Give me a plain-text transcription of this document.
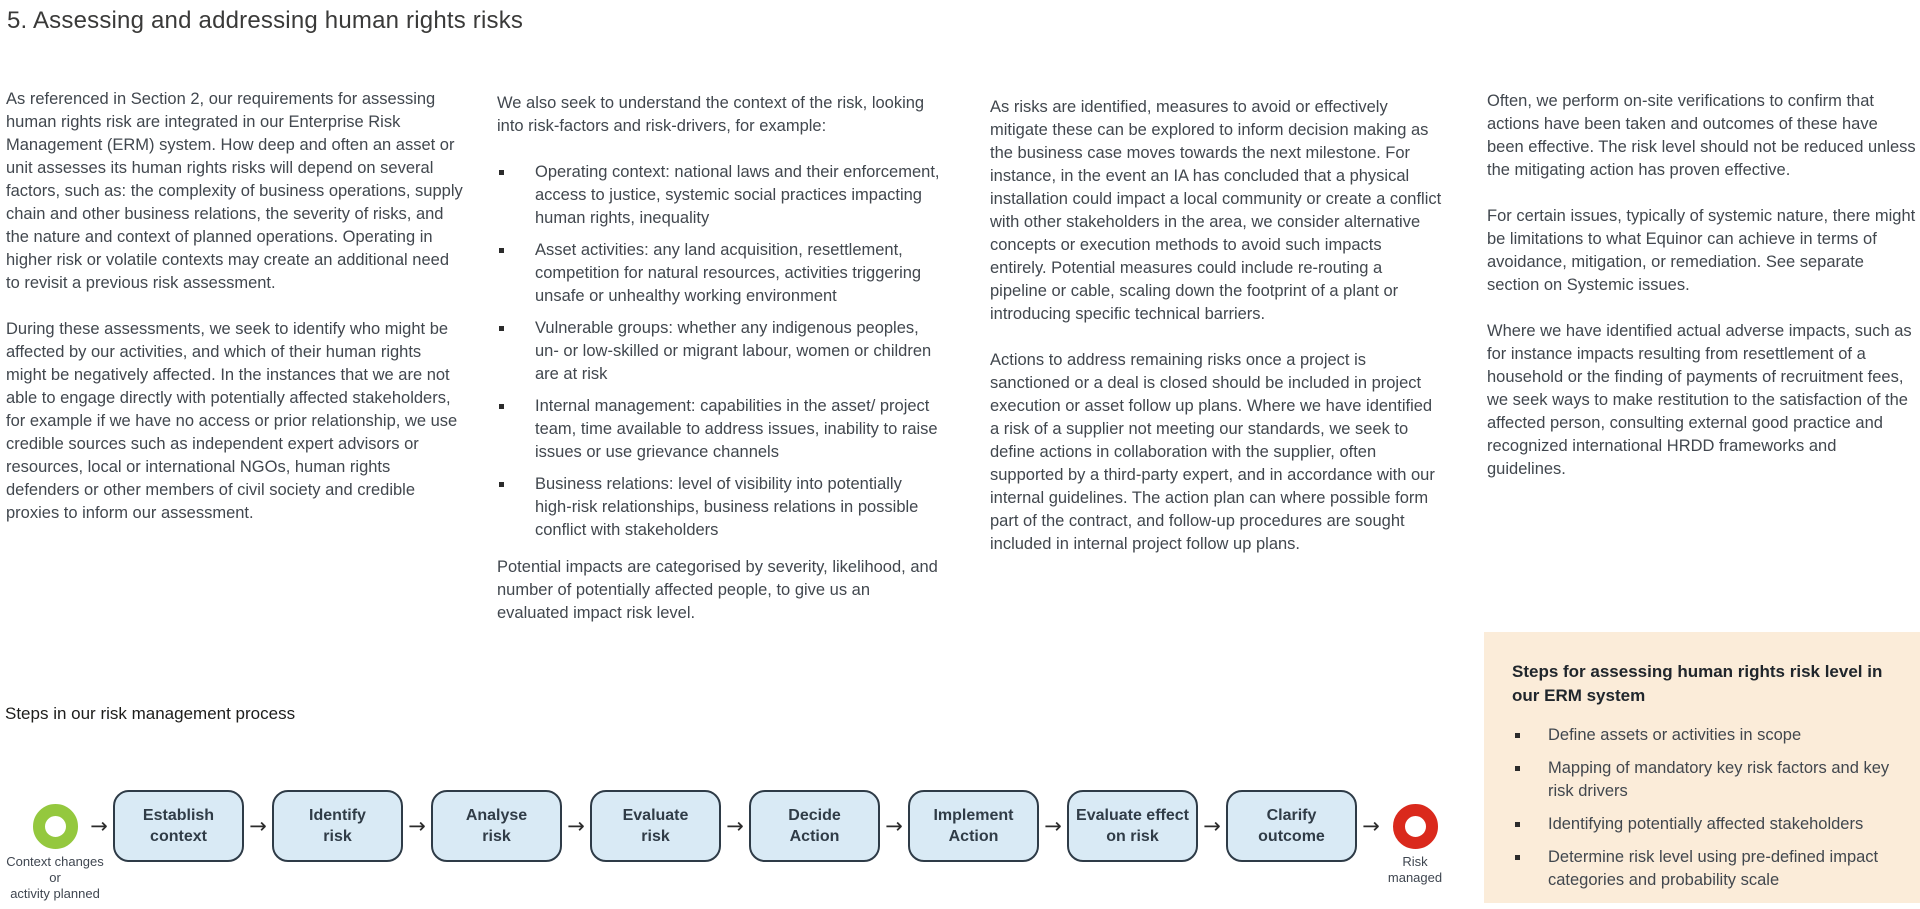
5. Assessing and addressing human rights risks

As referenced in Section 2, our requirements for assessing human rights risk are integrated in our Enterprise Risk Management (ERM) system. How deep and often an asset or unit assesses its human rights risks will depend on several factors, such as: the complexity of business operations, supply chain and other business relations, the severity of risks, and the nature and context of planned operations. Operating in higher risk or volatile contexts may create an additional need to revisit a previous risk assessment.

During these assessments, we seek to identify who might be affected by our activities, and which of their human rights might be negatively affected. In the instances that we are not able to engage directly with potentially affected stakeholders, for example if we have no access or prior relationship, we use credible sources such as independent expert advisors or resources, local or international NGOs, human rights defenders or other members of civil society and credible proxies to inform our assessment.

We also seek to understand the context of the risk, looking into risk-factors and risk-drivers, for example:

Operating context: national laws and their enforcement, access to justice, systemic social practices impacting human rights, inequality
Asset activities: any land acquisition, resettlement, competition for natural resources, activities triggering unsafe or unhealthy working environment
Vulnerable groups: whether any indigenous peoples, un- or low-skilled or migrant labour, women or children are at risk
Internal management: capabilities in the asset/ project team, time available to address issues, inability to raise issues or use grievance channels
Business relations: level of visibility into potentially high-risk relationships, business relations in possible conflict with stakeholders

Potential impacts are categorised by severity, likelihood, and number of potentially affected people, to give us an evaluated impact risk level.

As risks are identified, measures to avoid or effectively mitigate these can be explored to inform decision making as the business case moves towards the next milestone. For instance, in the event an IA has concluded that a physical installation could impact a local community or create a conflict with other stakeholders in the area, we consider alternative concepts or execution methods to avoid such impacts entirely. Potential measures could include re-routing a pipeline or cable, scaling down the footprint of a plant or introducing specific technical barriers.

Actions to address remaining risks once a project is sanctioned or a deal is closed should be included in project execution or asset follow up plans. Where we have identified a risk of a supplier not meeting our standards, we seek to define actions in collaboration with the supplier, often supported by a third-party expert, and in accordance with our internal guidelines. The action plan can where possible form part of the contract, and follow-up procedures are sought included in internal project follow up plans.

Often, we perform on-site verifications to confirm that actions have been taken and outcomes of these have been effective. The risk level should not be reduced unless the mitigating action has proven effective.

For certain issues, typically of systemic nature, there might be limitations to what Equinor can achieve in terms of avoidance, mitigation, or remediation. See separate section on Systemic issues.

Where we have identified actual adverse impacts, such as for instance impacts resulting from resettlement of a household or the finding of payments of recruitment fees, we seek ways to make restitution to the satisfaction of the affected person, consulting external good practice and recognized international HRDD frameworks and guidelines.

Steps in our risk management process
Context changes
or
activity planned
→	Establish
context →	Identify
risk	→	Analyse
risk	→	Evaluate
risk	→	Decide
Action →	Implement
Action → Evaluate effect
on risk →	Clarify
outcome →
Risk
managed
Steps for assessing human rights risk level in our ERM system
Define assets or activities in scope
Mapping of mandatory key risk factors and key risk drivers
Identifying potentially affected stakeholders
Determine risk level using pre-defined impact categories and probability scale
